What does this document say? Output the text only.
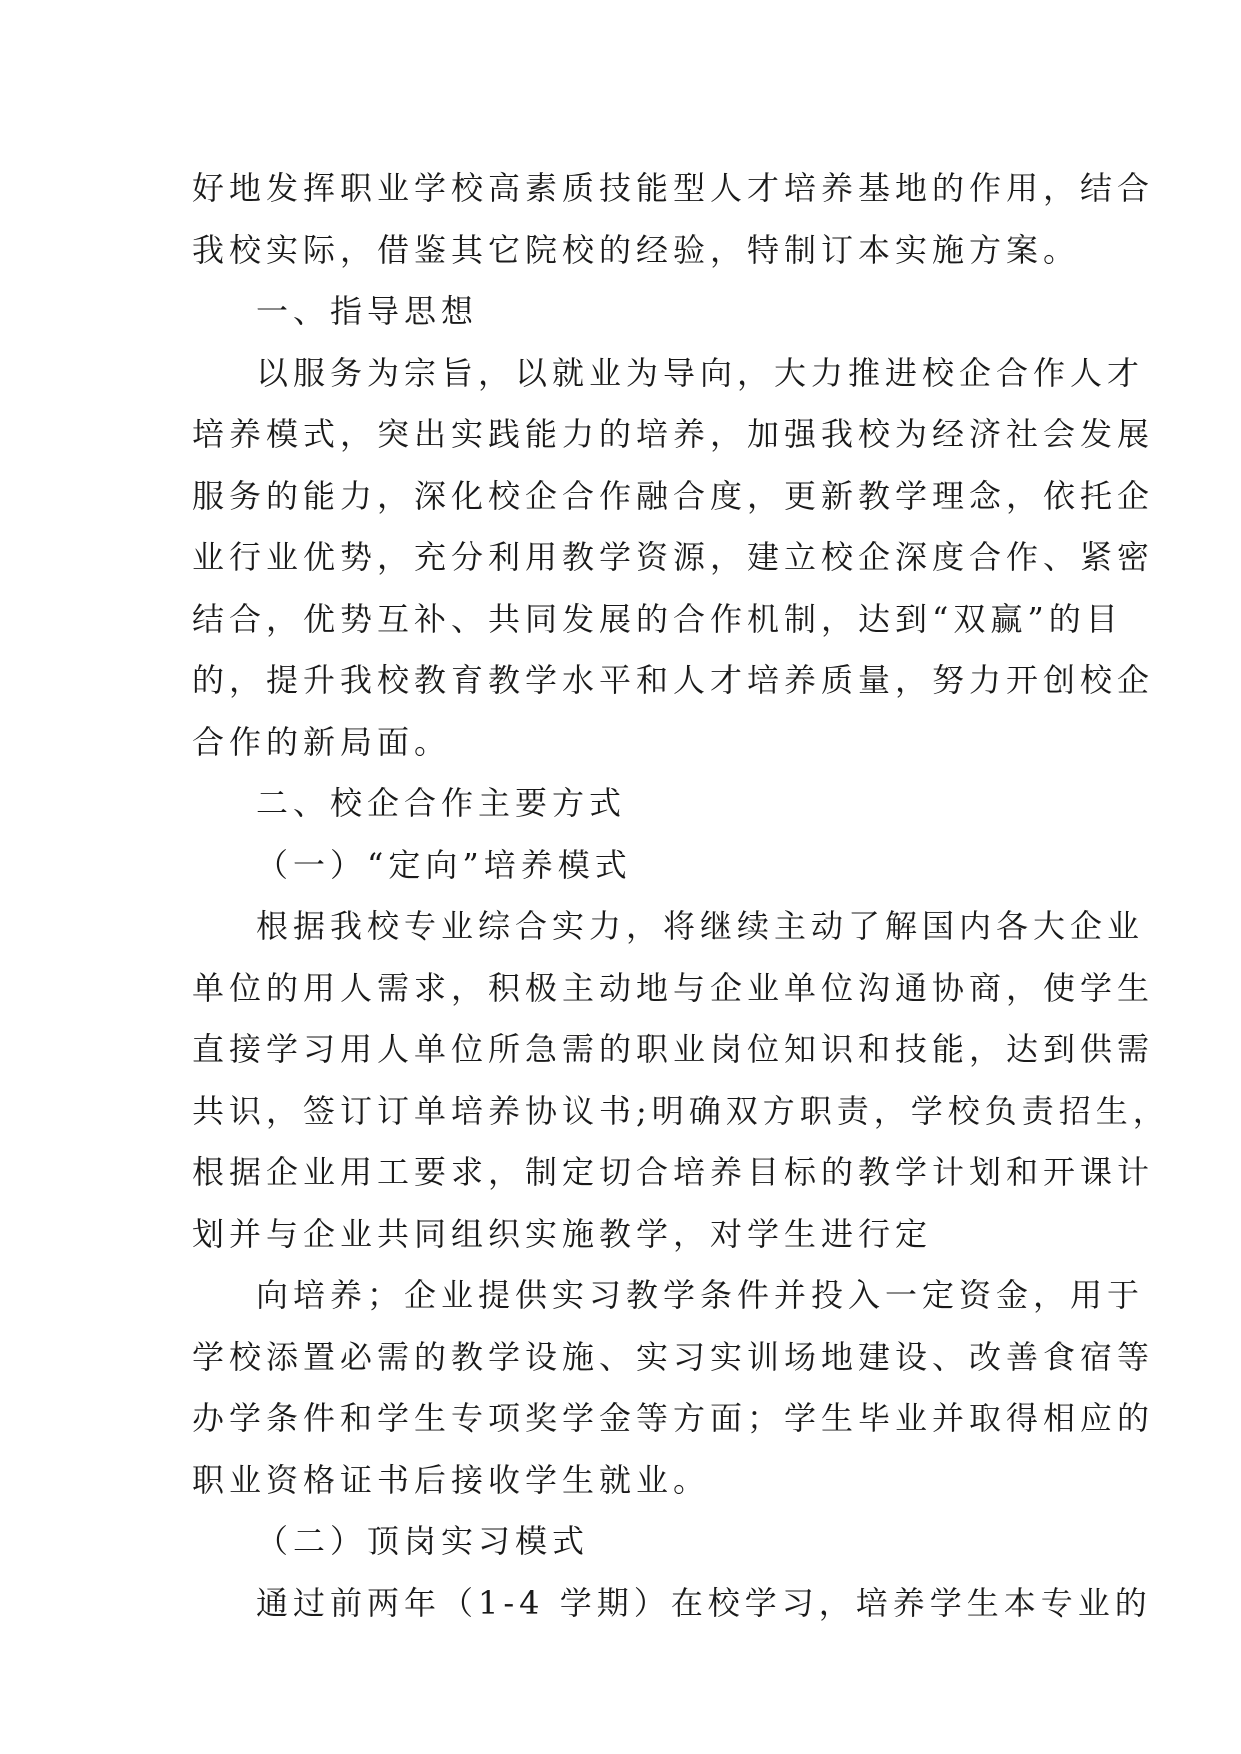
好地发挥职业学校高素质技能型人才培养基地的作用，结合
我校实际，借鉴其它院校的经验，特制订本实施方案。
一、指导思想
以服务为宗旨，以就业为导向，大力推进校企合作人才
培养模式，突出实践能力的培养，加强我校为经济社会发展
服务的能力，深化校企合作融合度，更新教学理念，依托企
业行业优势，充分利用教学资源，建立校企深度合作、紧密
结合，优势互补、共同发展的合作机制，达到“双赢”的目
的，提升我校教育教学水平和人才培养质量，努力开创校企
合作的新局面。
二、校企合作主要方式
（一）“定向”培养模式
根据我校专业综合实力，将继续主动了解国内各大企业
单位的用人需求，积极主动地与企业单位沟通协商，使学生
直接学习用人单位所急需的职业岗位知识和技能，达到供需
共识，签订订单培养协议书;明确双方职责，学校负责招生，
根据企业用工要求，制定切合培养目标的教学计划和开课计
划并与企业共同组织实施教学，对学生进行定
向培养；企业提供实习教学条件并投入一定资金，用于
学校添置必需的教学设施、实习实训场地建设、改善食宿等
办学条件和学生专项奖学金等方面；学生毕业并取得相应的
职业资格证书后接收学生就业。
（二）顶岗实习模式
通过前两年（1-4 学期）在校学习，培养学生本专业的
